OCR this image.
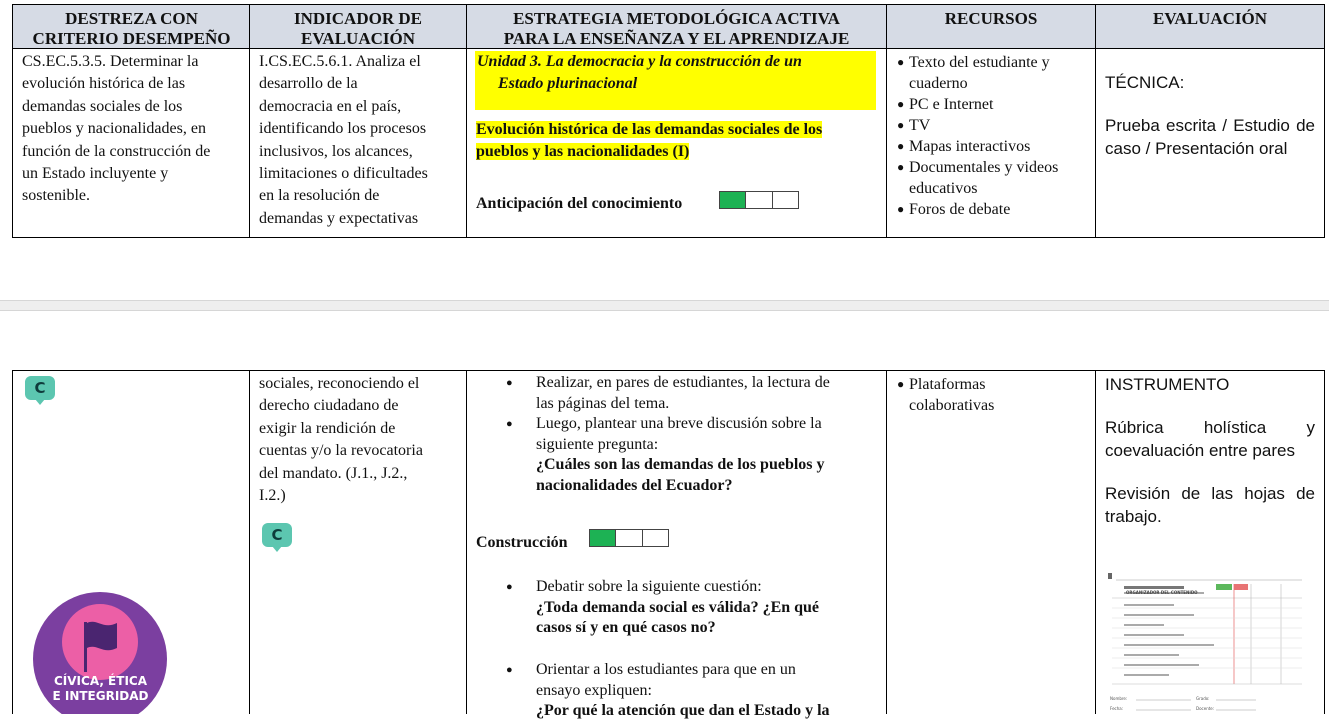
DESTREZA CON
CRITERIO DESEMPEÑO
INDICADOR DE
EVALUACIÓN
ESTRATEGIA METODOLÓGICA ACTIVA
PARA LA ENSEÑANZA Y EL APRENDIZAJE
RECURSOS	EVALUACIÓN
CS.EC.5.3.5. Determinar la
evolución histórica de las
demandas sociales de los
pueblos y nacionalidades, en
función de la construcción de
un Estado incluyente y
sostenible.
I.CS.EC.5.6.1. Analiza el
desarrollo de la
democracia en el país,
identificando los procesos
inclusivos, los alcances,
limitaciones o dificultades
en la resolución de
demandas y expectativas
Unidad 3. La democracia y la construcción de un
Estado plurinacional
Evolución histórica de las demandas sociales de los
pueblos y las nacionalidades (I)
Anticipación del conocimiento
● Texto del estudiante y
cuaderno
● PC e Internet
● TV
● Mapas interactivos
● Documentales y videos
educativos
● Foros de debate
TÉCNICA:
Prueba escrita / Estudio de caso / Presentación oral
C
C
CÍVICA, ÉTICA
E INTEGRIDAD
sociales, reconociendo el
derecho ciudadano de
exigir la rendición de
cuentas y/o la revocatoria
del mandato. (J.1., J.2.,
I.2.)
● Realizar, en pares de estudiantes, la lectura de
las páginas del tema.
● Luego, plantear una breve discusión sobre la
siguiente pregunta:
¿Cuáles son las demandas de los pueblos y
nacionalidades del Ecuador?
Construcción
● Debatir sobre la siguiente cuestión:
¿Toda demanda social es válida? ¿En qué
casos sí y en qué casos no?
● Orientar a los estudiantes para que en un
ensayo expliquen:
¿Por qué la atención que dan el Estado y la
● Plataformas
colaborativas
INSTRUMENTO
Rúbrica holística y coevaluación entre pares
Revisión de las hojas de trabajo.
ORGANIZADOR DEL CONTENIDO
Nombre:
Fecha:
Grado:
Docente:
